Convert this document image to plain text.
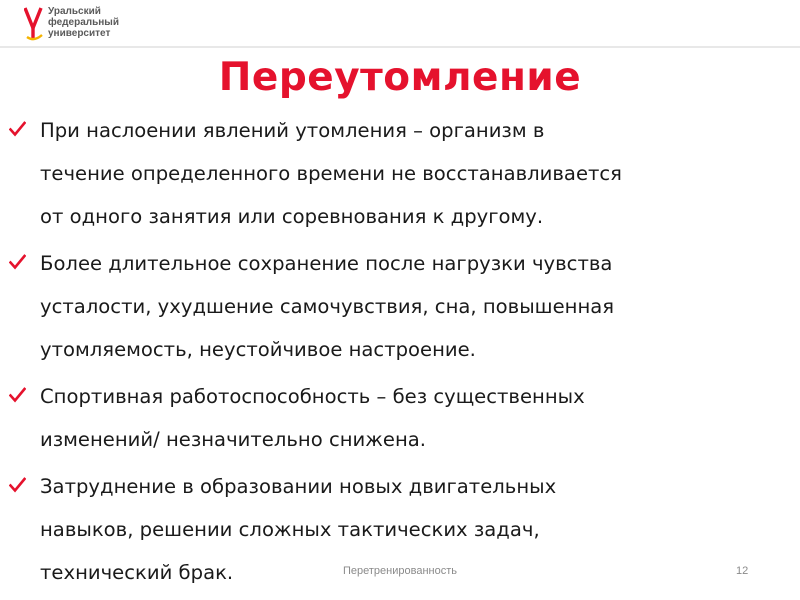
Уральский
федеральный
университет
Переутомление
При наслоении явлений утомления – организм в
течение определенного времени не восстанавливается
от одного занятия или соревнования к другому.
Более длительное сохранение после нагрузки чувства
усталости, ухудшение самочувствия, сна, повышенная
утомляемость, неустойчивое настроение.
Спортивная работоспособность – без существенных
изменений/ незначительно снижена.
Затруднение в образовании новых двигательных
навыков, решении сложных тактических задач,
технический брак.	Перетренированность	12
